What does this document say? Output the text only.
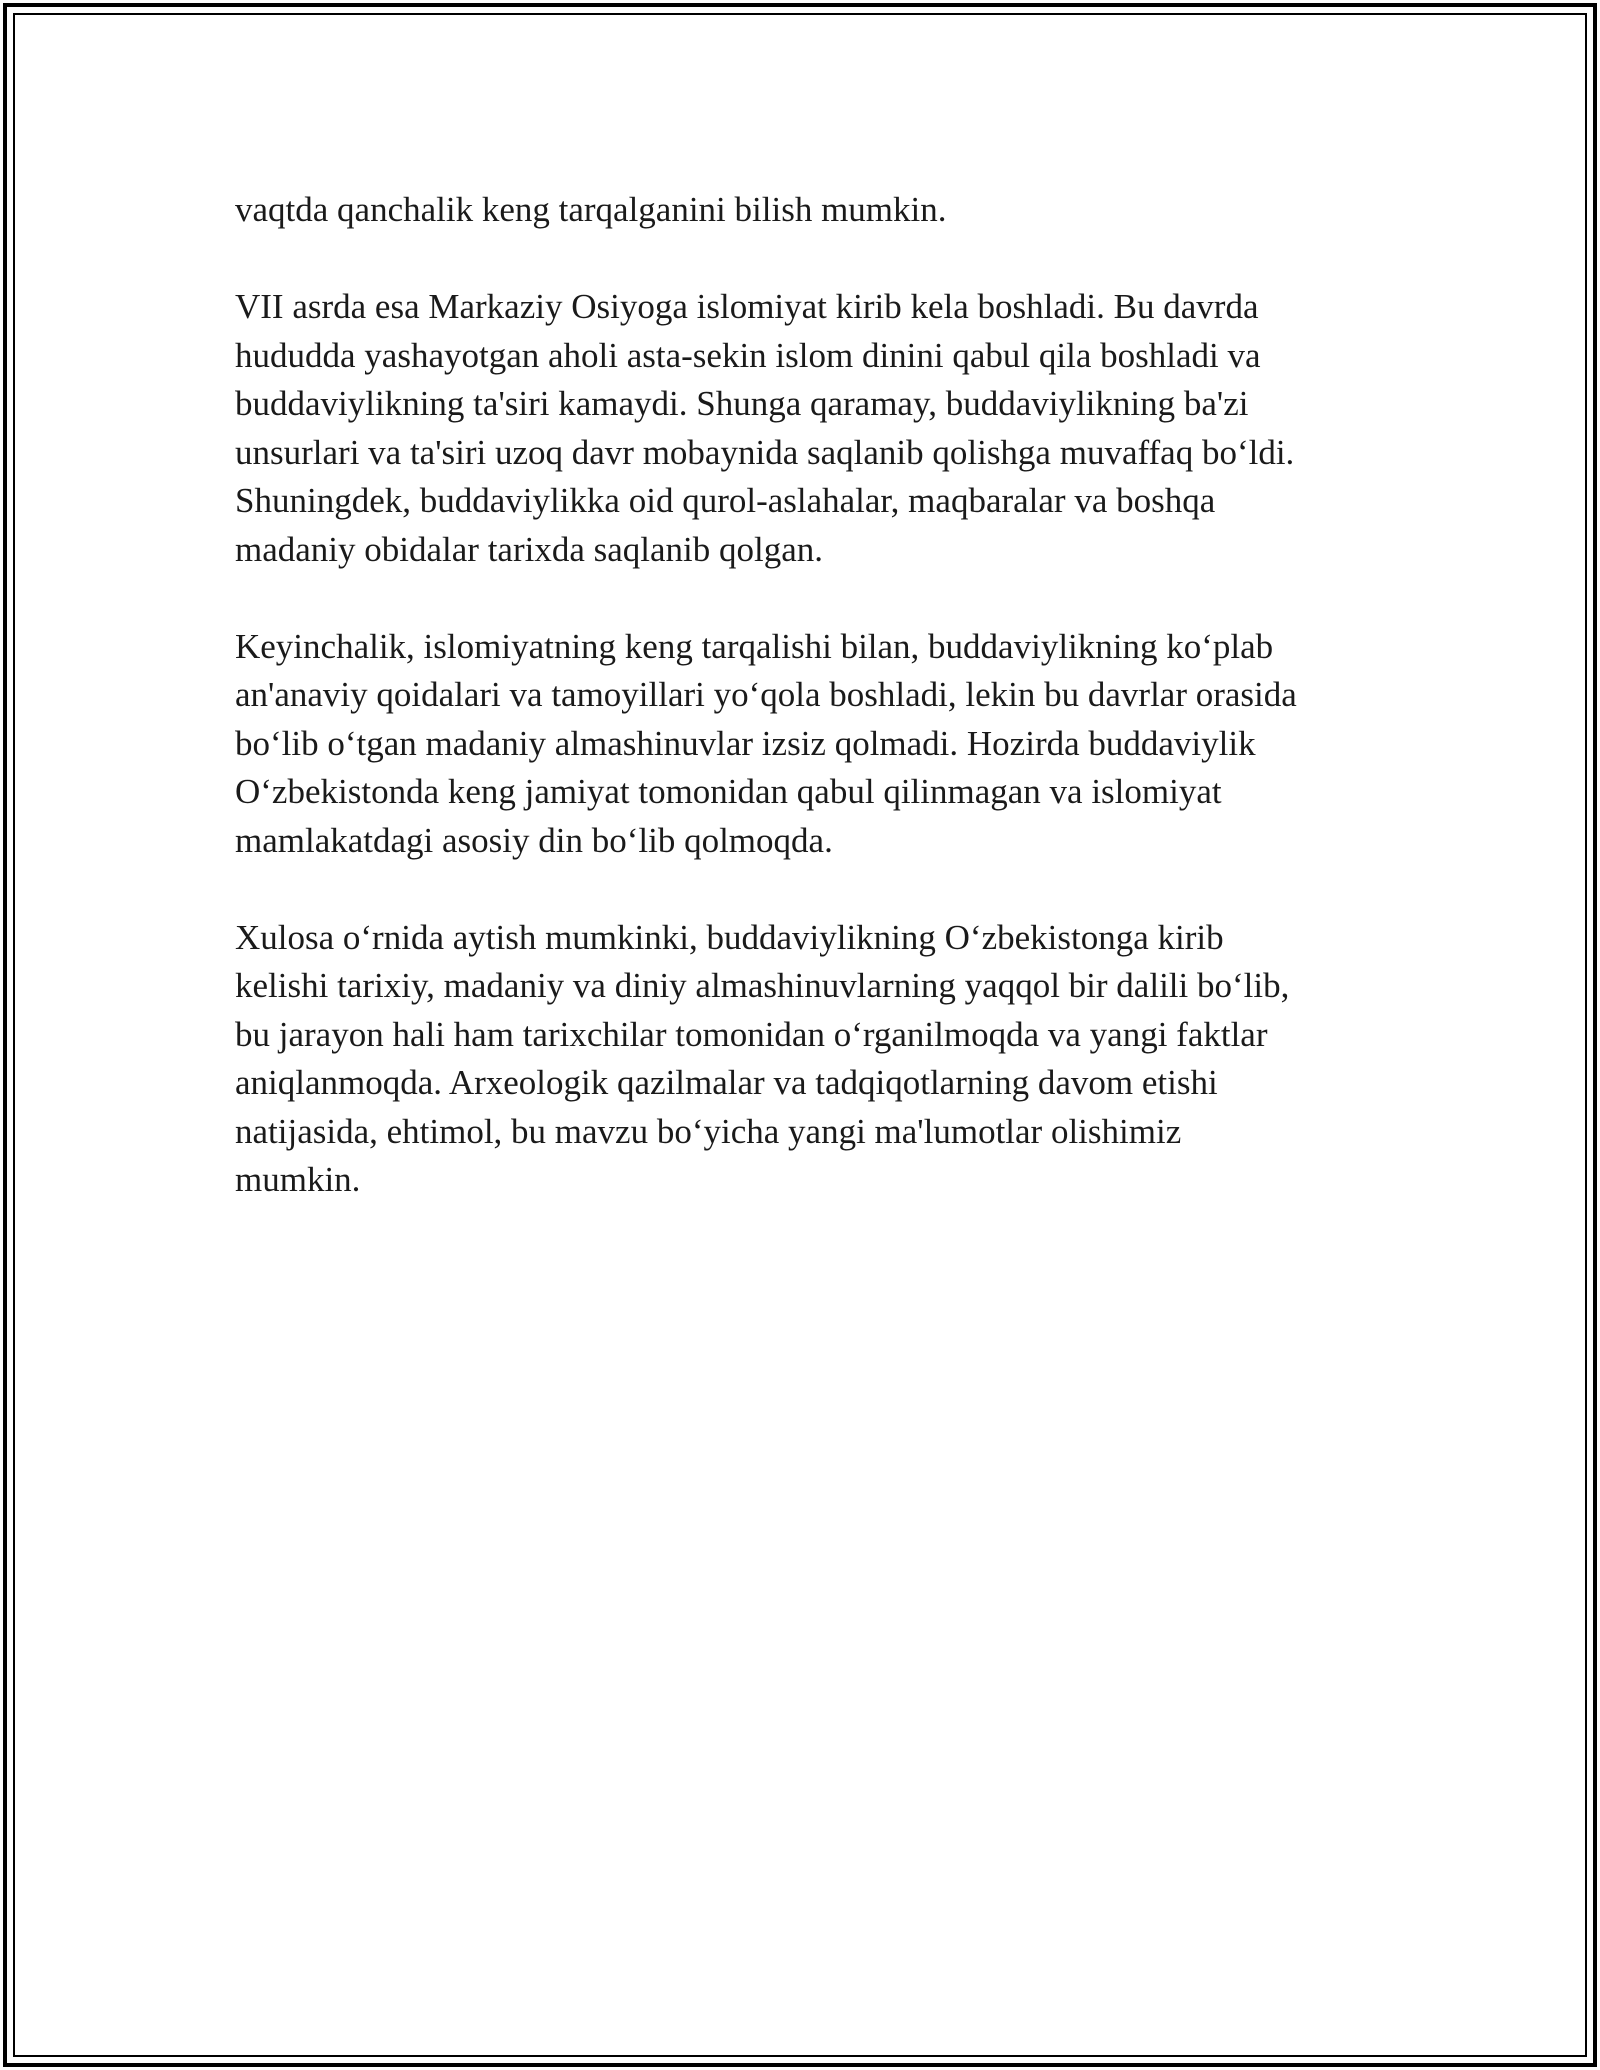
vaqtda qanchalik keng tarqalganini bilish mumkin.

VII asrda esa Markaziy Osiyoga islomiyat kirib kela boshladi. Bu davrda
hududda yashayotgan aholi asta-sekin islom dinini qabul qila boshladi va
buddaviylikning ta'siri kamaydi. Shunga qaramay, buddaviylikning ba'zi
unsurlari va ta'siri uzoq davr mobaynida saqlanib qolishga muvaffaq bo‘ldi.
Shuningdek, buddaviylikka oid qurol-aslahalar, maqbaralar va boshqa
madaniy obidalar tarixda saqlanib qolgan.

Keyinchalik, islomiyatning keng tarqalishi bilan, buddaviylikning ko‘plab
an'anaviy qoidalari va tamoyillari yo‘qola boshladi, lekin bu davrlar orasida
bo‘lib o‘tgan madaniy almashinuvlar izsiz qolmadi. Hozirda buddaviylik
O‘zbekistonda keng jamiyat tomonidan qabul qilinmagan va islomiyat
mamlakatdagi asosiy din bo‘lib qolmoqda.

Xulosa o‘rnida aytish mumkinki, buddaviylikning O‘zbekistonga kirib
kelishi tarixiy, madaniy va diniy almashinuvlarning yaqqol bir dalili bo‘lib,
bu jarayon hali ham tarixchilar tomonidan o‘rganilmoqda va yangi faktlar
aniqlanmoqda. Arxeologik qazilmalar va tadqiqotlarning davom etishi
natijasida, ehtimol, bu mavzu bo‘yicha yangi ma'lumotlar olishimiz
mumkin.
